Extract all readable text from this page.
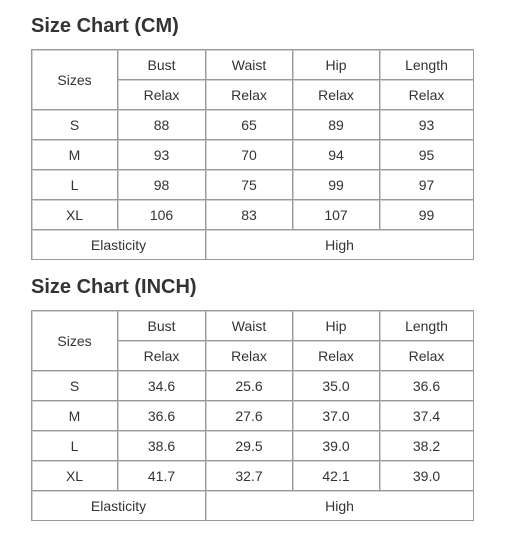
Size Chart (CM)
Sizes	Bust	Waist	Hip	Length
	Relax	Relax	Relax	Relax
S	88	65	89	93
M	93	70	94	95
L	98	75	99	97
XL	106	83	107	99
Elasticity		High		
Size Chart (INCH)
Sizes	Bust	Waist	Hip	Length
	Relax	Relax	Relax	Relax
S	34.6	25.6	35.0	36.6
M	36.6	27.6	37.0	37.4
L	38.6	29.5	39.0	38.2
XL	41.7	32.7	42.1	39.0
Elasticity		High		
